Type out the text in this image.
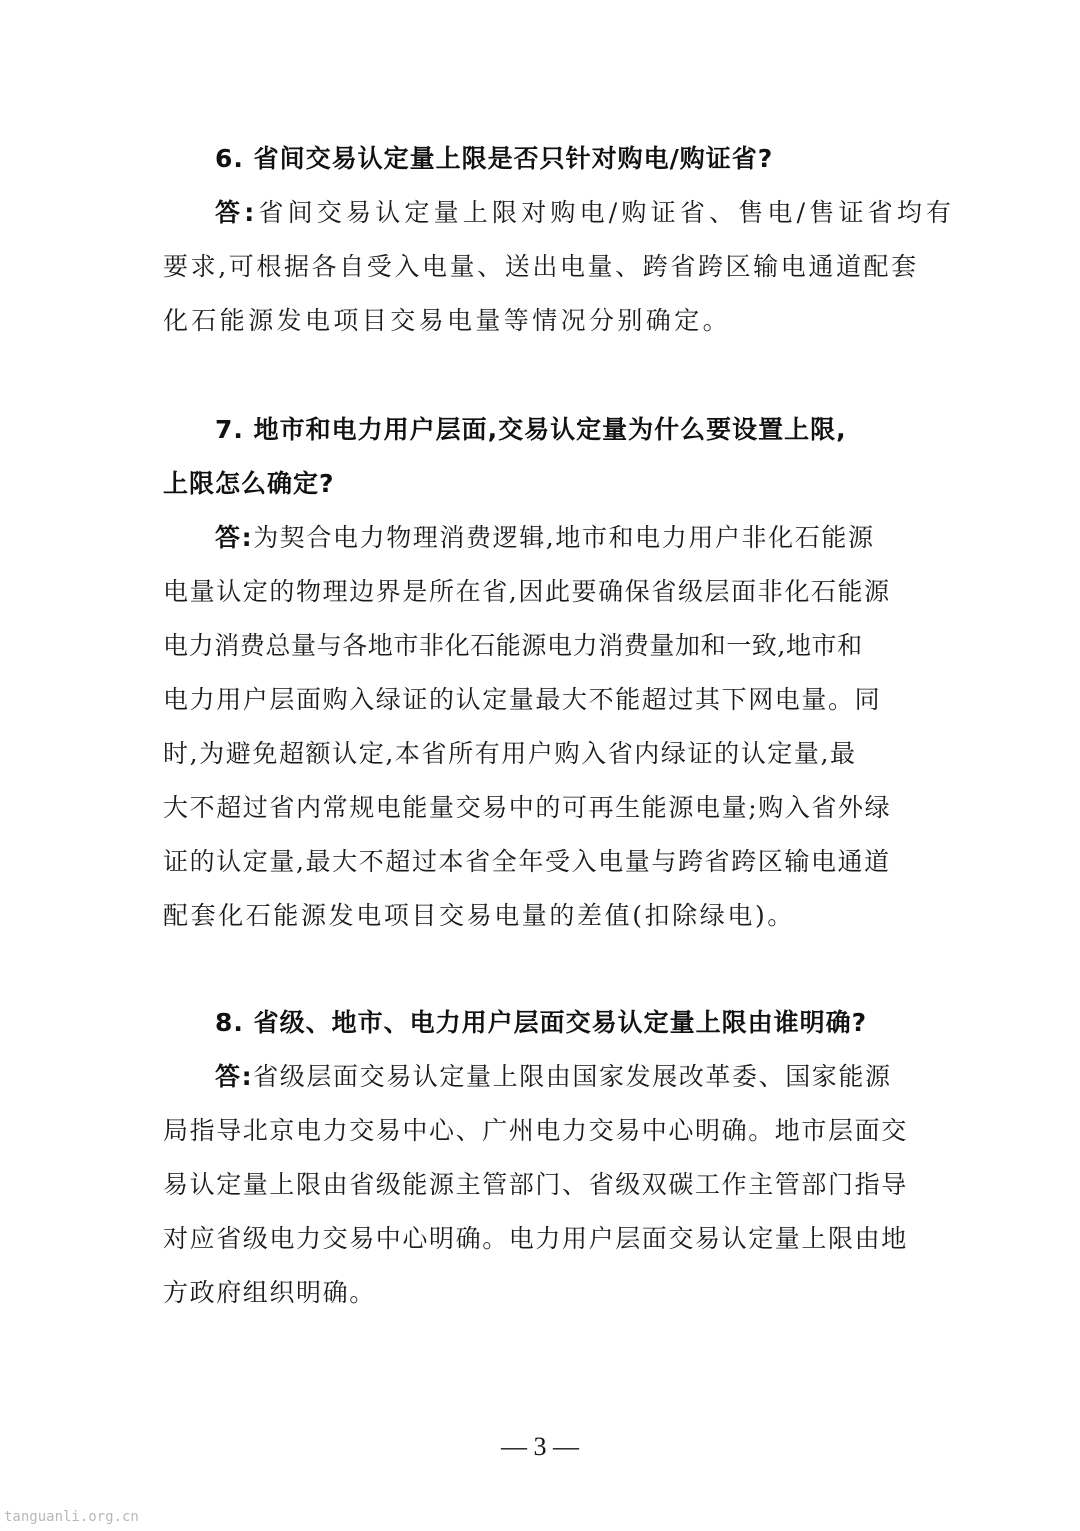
6. 省间交易认定量上限是否只针对购电/购证省?
答:省间交易认定量上限对购电/购证省、售电/售证省均有
要求,可根据各自受入电量、送出电量、跨省跨区输电通道配套
化石能源发电项目交易电量等情况分别确定。
7. 地市和电力用户层面,交易认定量为什么要设置上限,
上限怎么确定?
答:为契合电力物理消费逻辑,地市和电力用户非化石能源
电量认定的物理边界是所在省,因此要确保省级层面非化石能源
电力消费总量与各地市非化石能源电力消费量加和一致,地市和
电力用户层面购入绿证的认定量最大不能超过其下网电量。同
时,为避免超额认定,本省所有用户购入省内绿证的认定量,最
大不超过省内常规电能量交易中的可再生能源电量;购入省外绿
证的认定量,最大不超过本省全年受入电量与跨省跨区输电通道
配套化石能源发电项目交易电量的差值(扣除绿电)。
8. 省级、地市、电力用户层面交易认定量上限由谁明确?
答:省级层面交易认定量上限由国家发展改革委、国家能源
局指导北京电力交易中心、广州电力交易中心明确。地市层面交
易认定量上限由省级能源主管部门、省级双碳工作主管部门指导
对应省级电力交易中心明确。电力用户层面交易认定量上限由地
方政府组织明确。
— 3 —
tanguanli.org.cn
